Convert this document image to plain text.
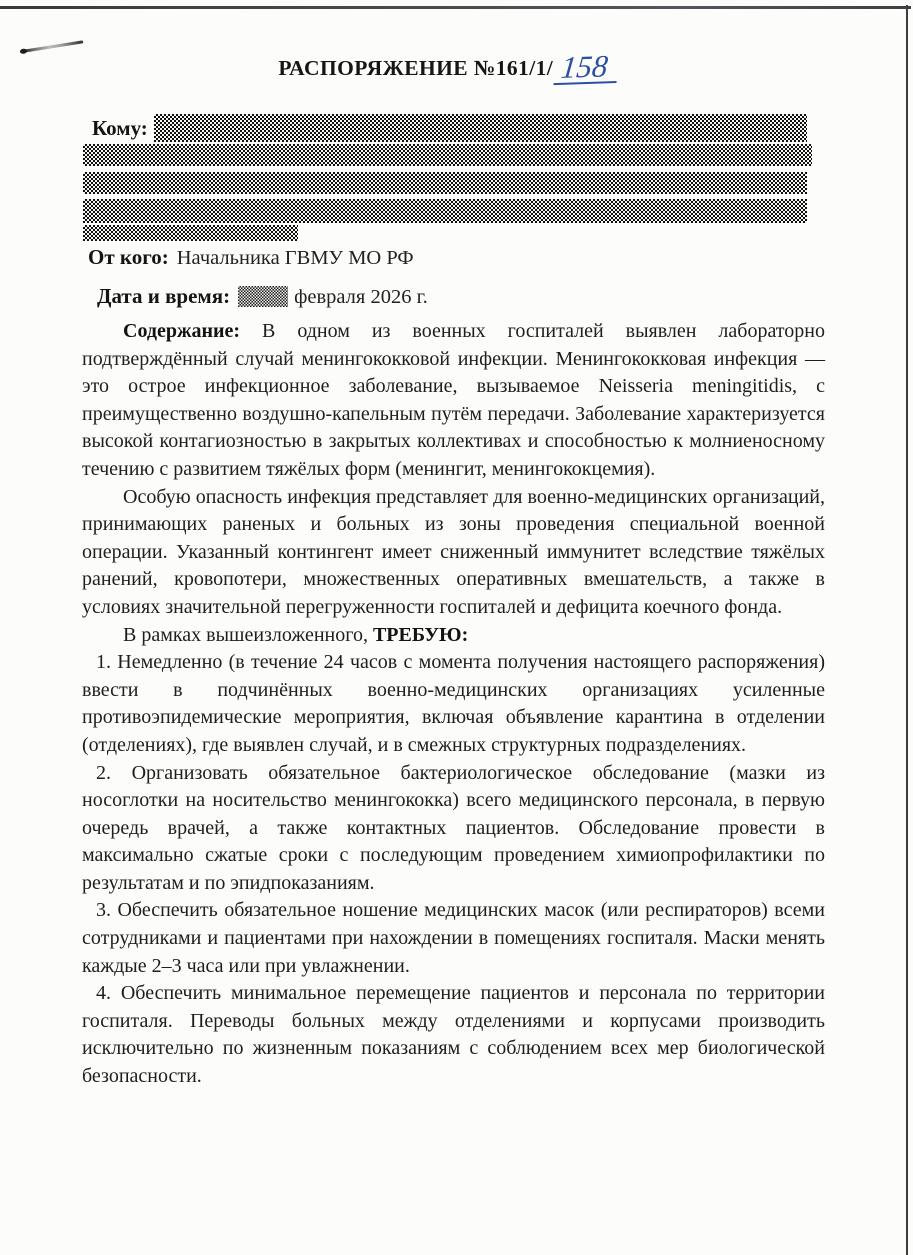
РАСПОРЯЖЕНИЕ №161/1/ 158
Кому:
От кого: Начальника ГВМУ МО РФ
Дата и время:	февраля 2026 г.

Содержание: В одном из военных госпиталей выявлен лабораторно подтверждённый случай менингококковой инфекции. Менингококковая инфекция — это острое инфекционное заболевание, вызываемое Neisseria meningitidis, с преимущественно воздушно-капельным путём передачи. Заболевание характеризуется высокой контагиозностью в закрытых коллективах и способностью к молниеносному течению с развитием тяжёлых форм (менингит, менингококцемия).

Особую опасность инфекция представляет для военно-медицинских организаций, принимающих раненых и больных из зоны проведения специальной военной операции. Указанный контингент имеет сниженный иммунитет вследствие тяжёлых ранений, кровопотери, множественных оперативных вмешательств, а также в условиях значительной перегруженности госпиталей и дефицита коечного фонда.

В рамках вышеизложенного, ТРЕБУЮ:

1. Немедленно (в течение 24 часов с момента получения настоящего распоряжения) ввести в подчинённых военно-медицинских организациях усиленные противоэпидемические мероприятия, включая объявление карантина в отделении (отделениях), где выявлен случай, и в смежных структурных подразделениях.

2. Организовать обязательное бактериологическое обследование (мазки из носоглотки на носительство менингококка) всего медицинского персонала, в первую очередь врачей, а также контактных пациентов. Обследование провести в максимально сжатые сроки с последующим проведением химиопрофилактики по результатам и по эпидпоказаниям.

3. Обеспечить обязательное ношение медицинских масок (или респираторов) всеми сотрудниками и пациентами при нахождении в помещениях госпиталя. Маски менять каждые 2–3 часа или при увлажнении.

4. Обеспечить минимальное перемещение пациентов и персонала по территории госпиталя. Переводы больных между отделениями и корпусами производить исключительно по жизненным показаниям с соблюдением всех мер биологической безопасности.
